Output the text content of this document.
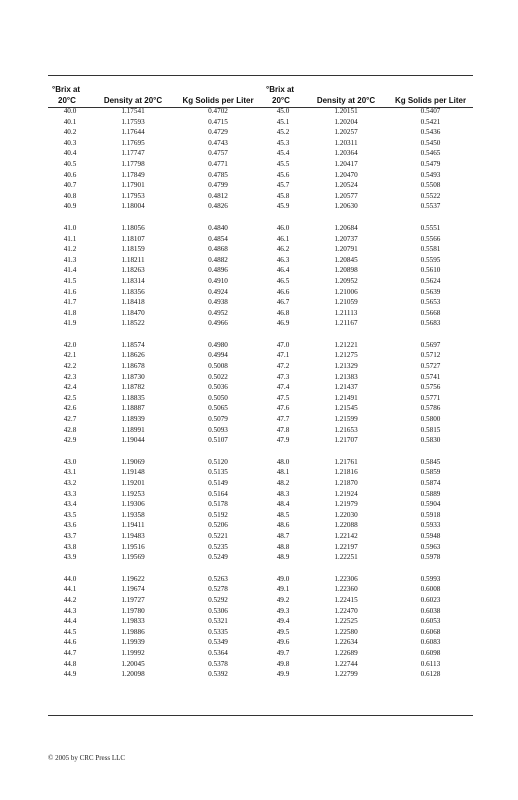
°Brix at
20°C	Density at 20°C	Kg Solids per Liter	°Brix at
20°C	Density at 20°C	Kg Solids per Liter
40.0	1.17541	0.4702	45.0	1.20151	0.5407
40.1	1.17593	0.4715	45.1	1.20204	0.5421
40.2	1.17644	0.4729	45.2	1.20257	0.5436
40.3	1.17695	0.4743	45.3	1.20311	0.5450
40.4	1.17747	0.4757	45.4	1.20364	0.5465
40.5	1.17798	0.4771	45.5	1.20417	0.5479
40.6	1.17849	0.4785	45.6	1.20470	0.5493
40.7	1.17901	0.4799	45.7	1.20524	0.5508
40.8	1.17953	0.4812	45.8	1.20577	0.5522
40.9	1.18004	0.4826	45.9	1.20630	0.5537

41.0	1.18056	0.4840	46.0	1.20684	0.5551
41.1	1.18107	0.4854	46.1	1.20737	0.5566
41.2	1.18159	0.4868	46.2	1.20791	0.5581
41.3	1.18211	0.4882	46.3	1.20845	0.5595
41.4	1.18263	0.4896	46.4	1.20898	0.5610
41.5	1.18314	0.4910	46.5	1.20952	0.5624
41.6	1.18356	0.4924	46.6	1.21006	0.5639
41.7	1.18418	0.4938	46.7	1.21059	0.5653
41.8	1.18470	0.4952	46.8	1.21113	0.5668
41.9	1.18522	0.4966	46.9	1.21167	0.5683

42.0	1.18574	0.4980	47.0	1.21221	0.5697
42.1	1.18626	0.4994	47.1	1.21275	0.5712
42.2	1.18678	0.5008	47.2	1.21329	0.5727
42.3	1.18730	0.5022	47.3	1.21383	0.5741
42.4	1.18782	0.5036	47.4	1.21437	0.5756
42.5	1.18835	0.5050	47.5	1.21491	0.5771
42.6	1.18887	0.5065	47.6	1.21545	0.5786
42.7	1.18939	0.5079	47.7	1.21599	0.5800
42.8	1.18991	0.5093	47.8	1.21653	0.5815
42.9	1.19044	0.5107	47.9	1.21707	0.5830

43.0	1.19069	0.5120	48.0	1.21761	0.5845
43.1	1.19148	0.5135	48.1	1.21816	0.5859
43.2	1.19201	0.5149	48.2	1.21870	0.5874
43.3	1.19253	0.5164	48.3	1.21924	0.5889
43.4	1.19306	0.5178	48.4	1.21979	0.5904
43.5	1.19358	0.5192	48.5	1.22030	0.5918
43.6	1.19411	0.5206	48.6	1.22088	0.5933
43.7	1.19483	0.5221	48.7	1.22142	0.5948
43.8	1.19516	0.5235	48.8	1.22197	0.5963
43.9	1.19569	0.5249	48.9	1.22251	0.5978

44.0	1.19622	0.5263	49.0	1.22306	0.5993
44.1	1.19674	0.5278	49.1	1.22360	0.6008
44.2	1.19727	0.5292	49.2	1.22415	0.6023
44.3	1.19780	0.5306	49.3	1.22470	0.6038
44.4	1.19833	0.5321	49.4	1.22525	0.6053
44.5	1.19886	0.5335	49.5	1.22580	0.6068
44.6	1.19939	0.5349	49.6	1.22634	0.6083
44.7	1.19992	0.5364	49.7	1.22689	0.6098
44.8	1.20045	0.5378	49.8	1.22744	0.6113
44.9	1.20098	0.5392	49.9	1.22799	0.6128
© 2005 by CRC Press LLC
